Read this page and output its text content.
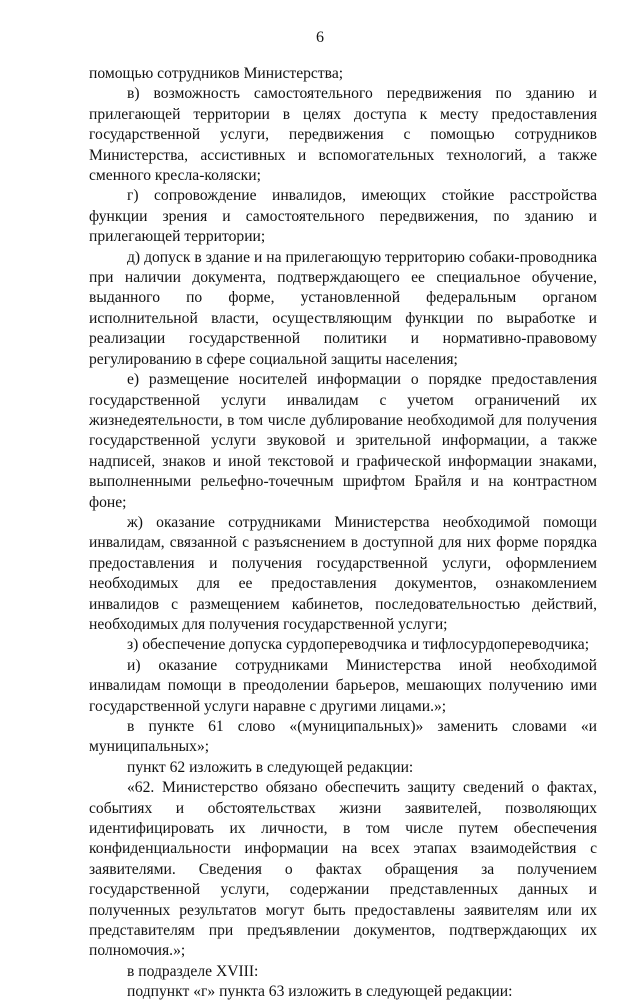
6

помощью сотрудников Министерства;

в) возможность самостоятельного передвижения по зданию и прилегающей территории в целях доступа к месту предоставления государственной услуги, передвижения с помощью сотрудников Министерства, ассистивных и вспомогательных технологий, а также сменного кресла-коляски;

г) сопровождение инвалидов, имеющих стойкие расстройства функции зрения и самостоятельного передвижения, по зданию и прилегающей территории;

д) допуск в здание и на прилегающую территорию собаки-проводника при наличии документа, подтверждающего ее специальное обучение, выданного по форме, установленной федеральным органом исполнительной власти, осуществляющим функции по выработке и реализации государственной политики и нормативно-правовому регулированию в сфере социальной защиты населения;

е) размещение носителей информации о порядке предоставления государственной услуги инвалидам с учетом ограничений их жизнедеятельности, в том числе дублирование необходимой для получения государственной услуги звуковой и зрительной информации, а также надписей, знаков и иной текстовой и графической информации знаками, выполненными рельефно-точечным шрифтом Брайля и на контрастном фоне;

ж) оказание сотрудниками Министерства необходимой помощи инвалидам, связанной с разъяснением в доступной для них форме порядка предоставления и получения государственной услуги, оформлением необходимых для ее предоставления документов, ознакомлением инвалидов с размещением кабинетов, последовательностью действий, необходимых для получения государственной услуги;

з) обеспечение допуска сурдопереводчика и тифлосурдопереводчика;

и) оказание сотрудниками Министерства иной необходимой инвалидам помощи в преодолении барьеров, мешающих получению ими государственной услуги наравне с другими лицами.»;

в пункте 61 слово «(муниципальных)» заменить словами «и муниципальных»;

пункт 62 изложить в следующей редакции:

«62. Министерство обязано обеспечить защиту сведений о фактах, событиях и обстоятельствах жизни заявителей, позволяющих идентифицировать их личности, в том числе путем обеспечения конфиденциальности информации на всех этапах взаимодействия с заявителями. Сведения о фактах обращения за получением государственной услуги, содержании представленных данных и полученных результатов могут быть предоставлены заявителям или их представителям при предъявлении документов, подтверждающих их полномочия.»;

в подразделе XVIII:

подпункт «г» пункта 63 изложить в следующей редакции:
